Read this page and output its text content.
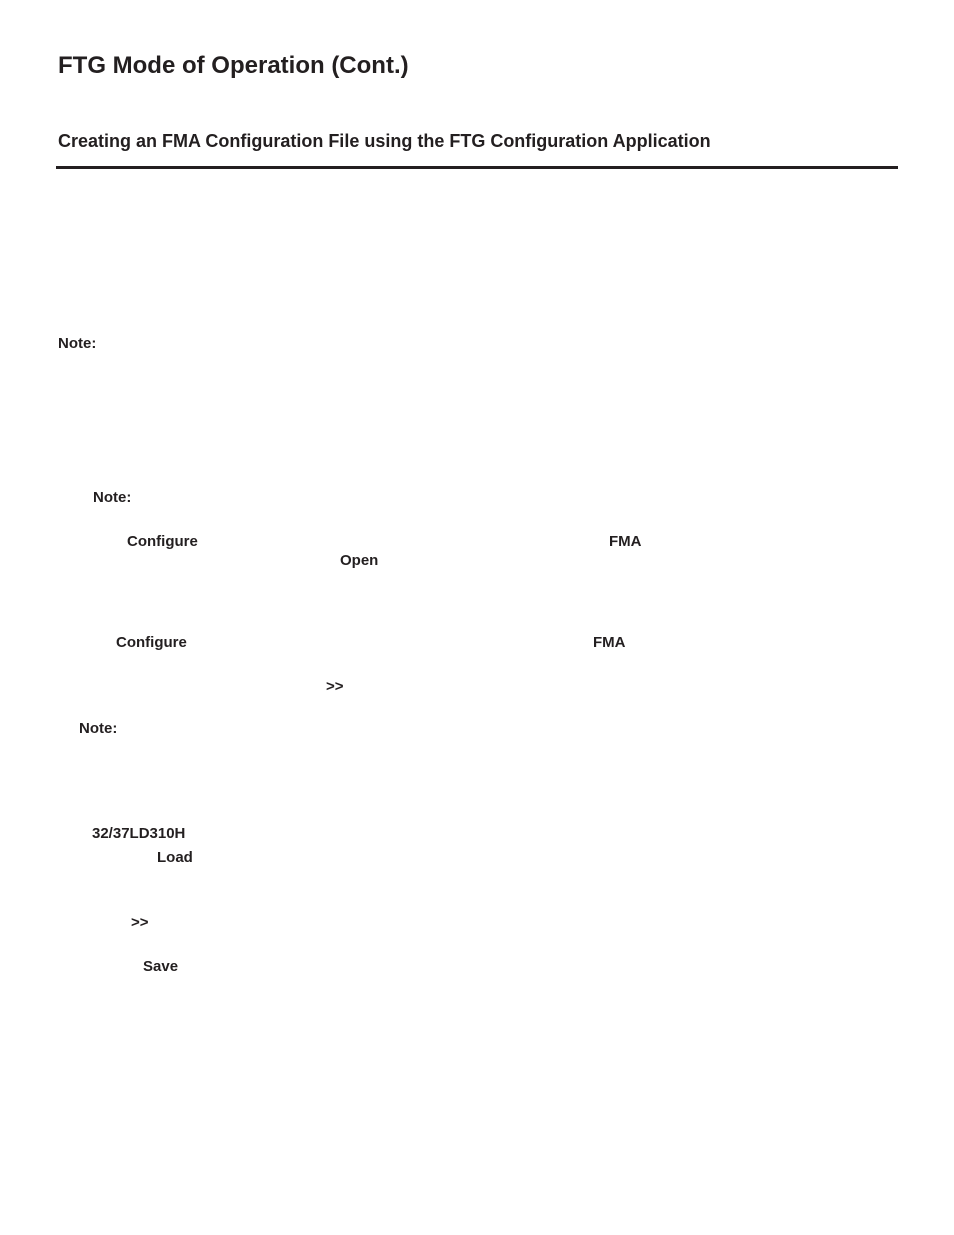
FTG Mode of Operation (Cont.)
Creating an FMA Configuration File using the FTG Configuration Application
Note:
Note:
Configure	FMA
Open
Configure	FMA
>>
Note:
32/37LD310H
Load
>>
Save
